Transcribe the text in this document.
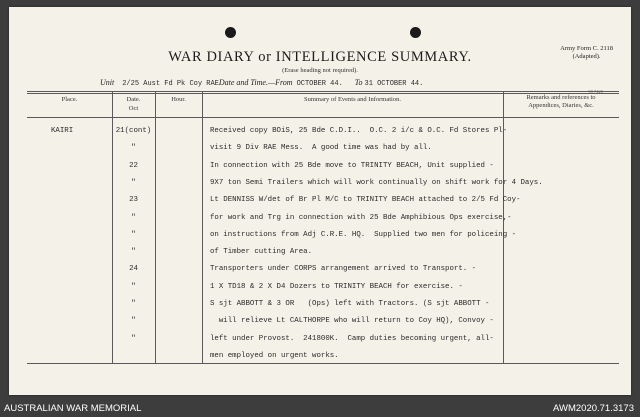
WAR DIARY or INTELLIGENCE SUMMARY.
(Erase heading not required).
Army Form C. 2118
(Adapted).
Unit 2/25 Aust Fd Pk Coy RAEDate and Time.—From OCTOBER 44. To 31 OCTOBER 44.
Place.	Date.
Oct
Hour.	Summary of Events and Information.	Remarks and references to
Appendices, Diaries, &c.
KAIRI	21(cont)	Received copy BOiS, 25 Bde C.D.I..  O.C. 2 i/c & O.C. Fd Stores Pl-
"	visit 9 Div RAE Mess.  A good time was had by all.
22	In connection with 25 Bde move to TRINITY BEACH, Unit supplied -
"	9X7 ton Semi Trailers which will work continually on shift work for 4 Days.
23	Lt DENNISS W/det of Br Pl M/C to TRINITY BEACH attached to 2/5 Fd Coy-
"	for work and Trg in connection with 25 Bde Amphibious Ops exercise,-
"	on instructions from Adj C.R.E. HQ.  Supplied two men for policeing -
"	of Timber cutting Area.
24	Transporters under CORPS arrangement arrived to Transport. -
"	1 X TD18 & 2 X D4 Dozers to TRINITY BEACH for exercise. -
"	S sjt ABBOTT & 3 OR   (Ops) left with Tractors. (S sjt ABBOTT -
"	will relieve Lt CALTHORPE who will return to Coy HQ), Convoy -
"	left under Provost.  241800K.  Camp duties becoming urgent, all-
men employed on urgent works.
AUSTRALIAN WAR MEMORIAL	AWM2020.71.3173
